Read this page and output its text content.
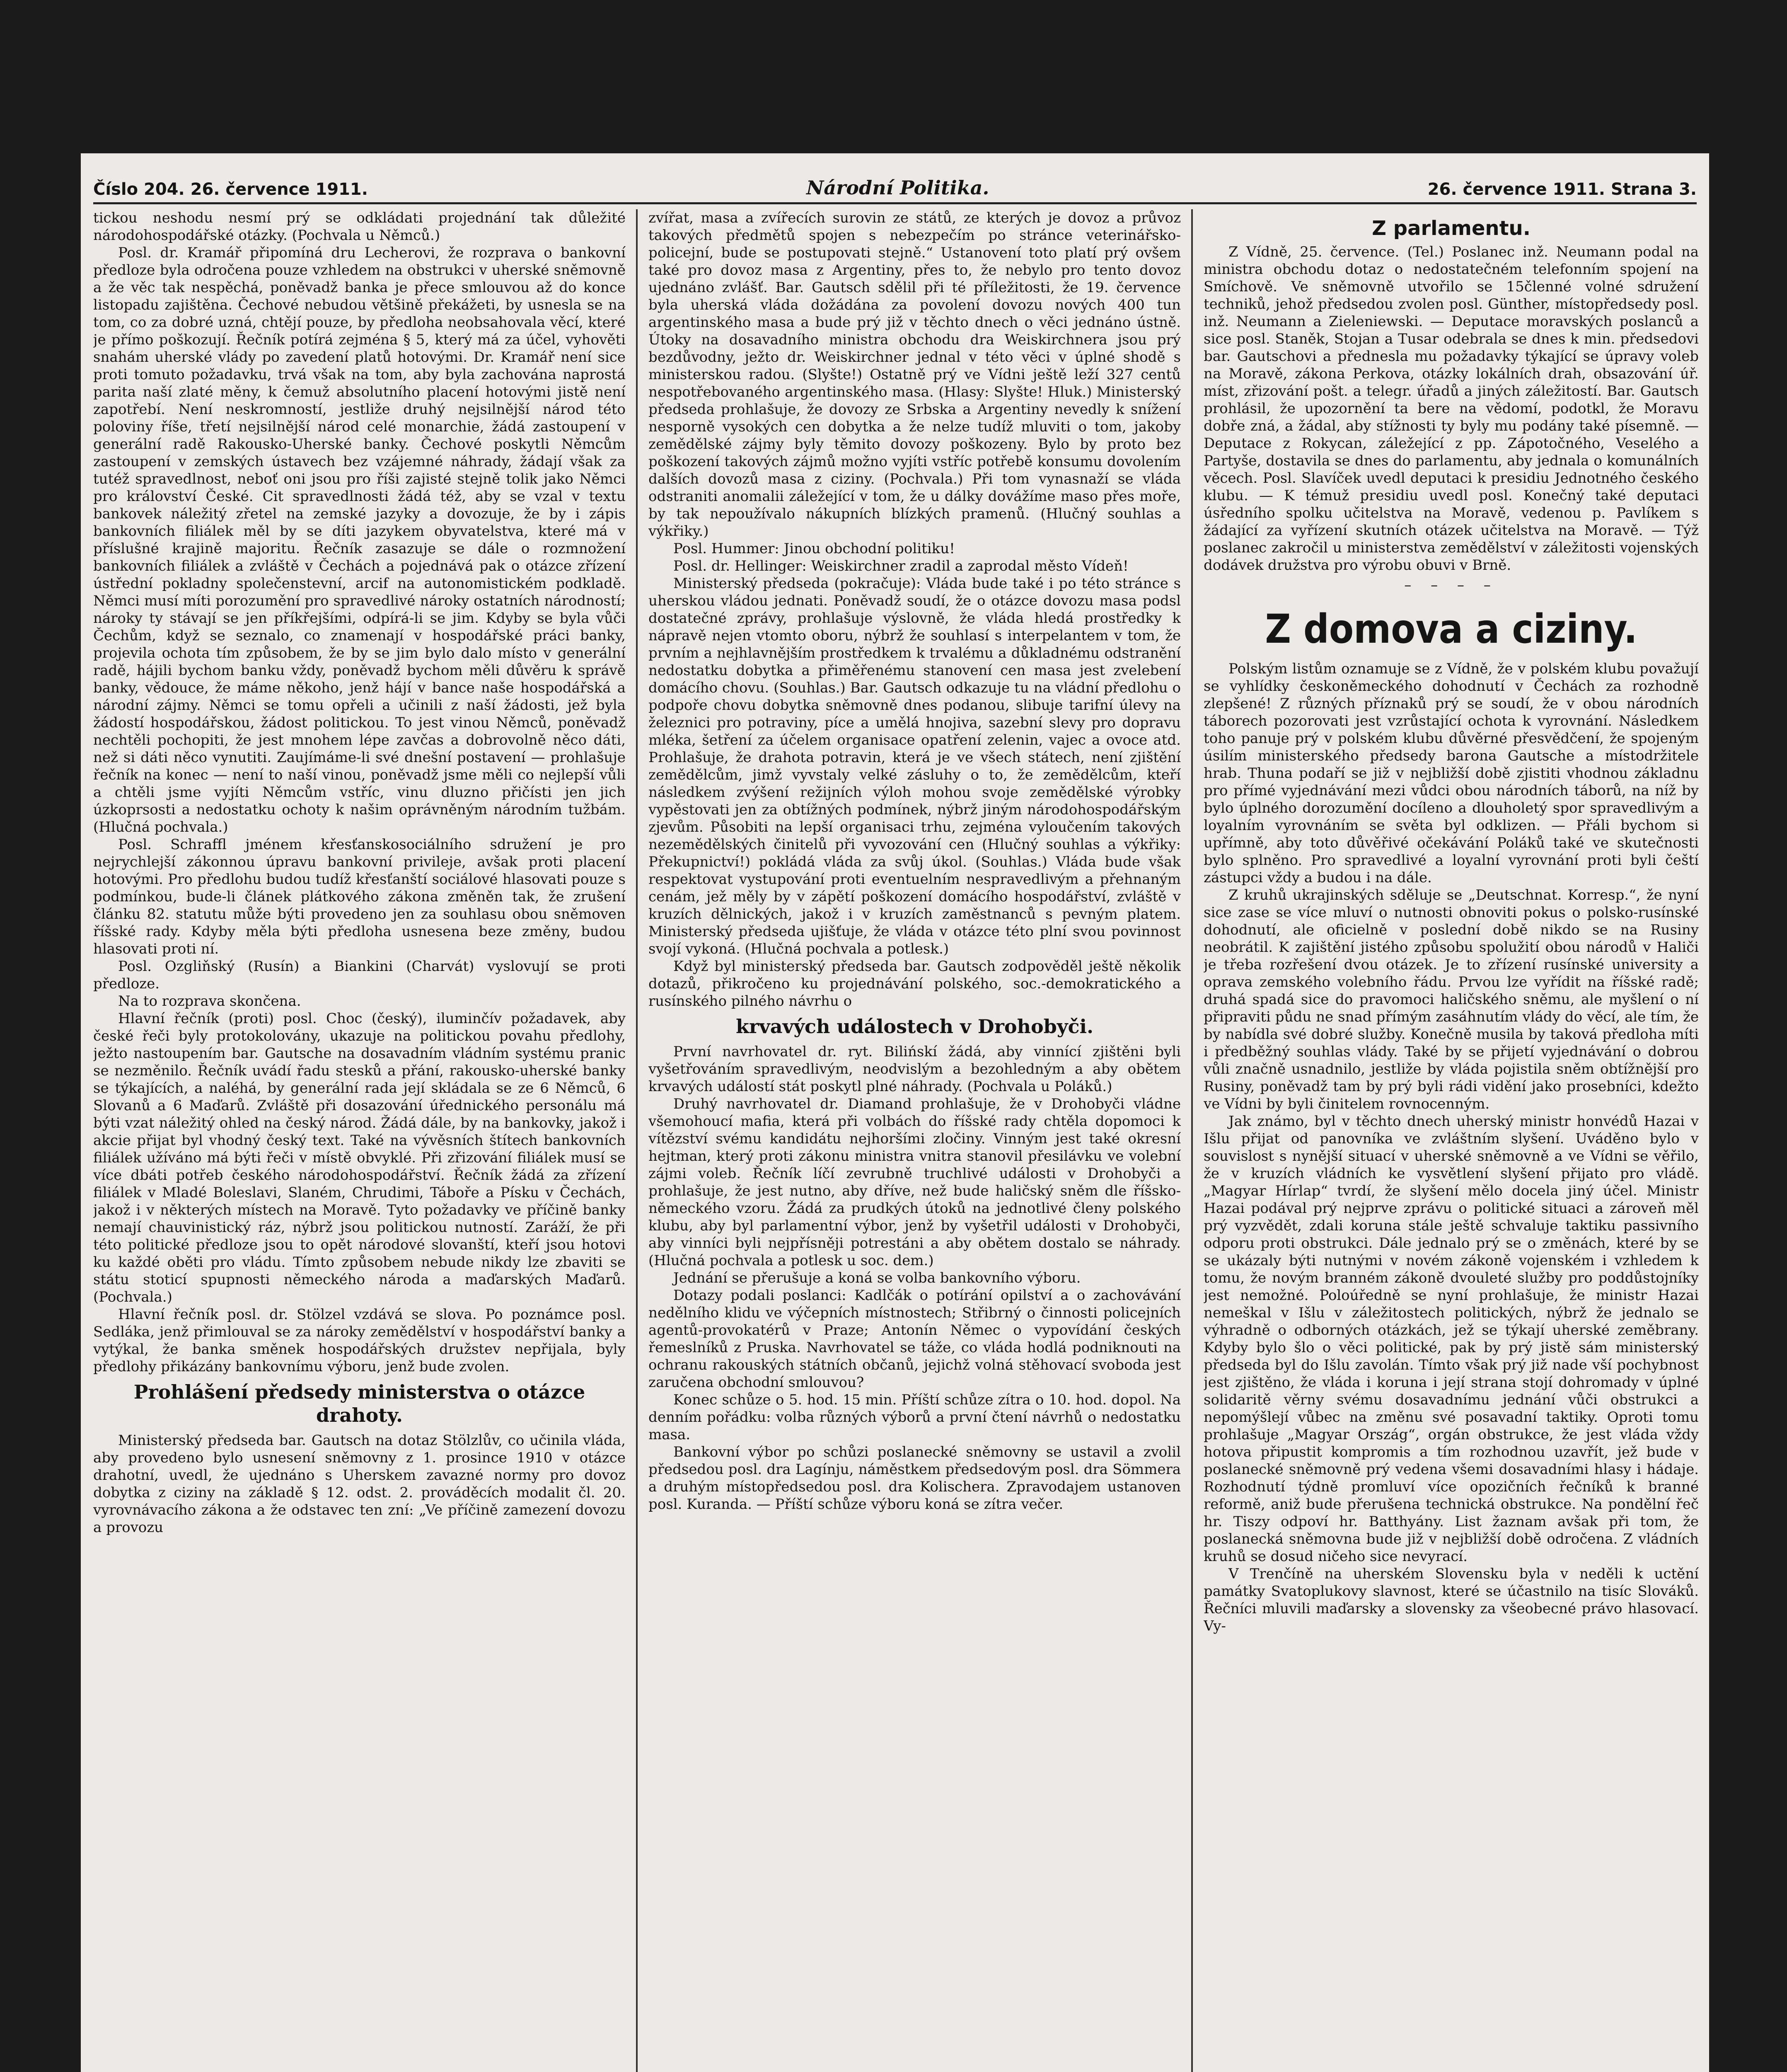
Číslo 204. 26. července 1911.	Národní Politika.	26. července 1911. Strana 3.

tickou neshodu nesmí prý se odkládati projednání tak důležité národohospodářské otázky. (Pochvala u Němců.)

Posl. dr. Kramář připomíná dru Lecherovi, že rozprava o bankovní předloze byla odročena pouze vzhledem na obstrukci v uherské sněmovně a že věc tak nespěchá, poněvadž banka je přece smlouvou až do konce listopadu zajištěna. Čechové nebudou většině překážeti, by usnesla se na tom, co za dobré uzná, chtějí pouze, by předloha neobsahovala věcí, které je přímo poškozují. Řečník potírá zejména § 5, který má za účel, vyhověti snahám uherské vlády po zavedení platů hotovými. Dr. Kramář není sice proti tomuto požadavku, trvá však na tom, aby byla zachována naprostá parita naší zlaté měny, k čemuž absolutního placení hotovými jistě není zapotřebí. Není neskromností, jestliže druhý nejsilnější národ této poloviny říše, třetí nejsilnější národ celé monarchie, žádá zastoupení v generální radě Rakousko-Uherské banky. Čechové poskytli Němcům zastoupení v zemských ústavech bez vzájemné náhrady, žádají však za tutéž spravedlnost, neboť oni jsou pro říši zajisté stejně tolik jako Němci pro království České. Cit spravedlnosti žádá též, aby se vzal v textu bankovek náležitý zřetel na zemské jazyky a dovozuje, že by i zápis bankovních filiálek měl by se díti jazykem obyvatelstva, které má v příslušné krajině majoritu. Řečník zasazuje se dále o rozmnožení bankovních filiálek a zvláště v Čechách a pojednává pak o otázce zřízení ústřední pokladny společenstevní, arcif na autonomistickém podkladě. Němci musí míti porozumění pro spravedlivé nároky ostatních národností; nároky ty stávají se jen příkřejšími, odpírá-li se jim. Kdyby se byla vůči Čechům, když se seznalo, co znamenají v hospodářské práci banky, projevila ochota tím způsobem, že by se jim bylo dalo místo v generální radě, hájili bychom banku vždy, poněvadž bychom měli důvěru k správě banky, vědouce, že máme někoho, jenž hájí v bance naše hospodářská a národní zájmy. Němci se tomu opřeli a učinili z naší žádosti, jež byla žádostí hospodářskou, žádost politickou. To jest vinou Němců, poněvadž nechtěli pochopiti, že jest mnohem lépe zavčas a dobrovolně něco dáti, než si dáti něco vynutiti. Zaujímáme-li své dnešní postavení — prohlašuje řečník na konec — není to naší vinou, poněvadž jsme měli co nejlepší vůli a chtěli jsme vyjíti Němcům vstříc, vinu dluzno přičísti jen jich úzkoprsosti a nedostatku ochoty k našim oprávněným národním tužbám. (Hlučná pochvala.)

Posl. Schraffl jménem křesťanskosociálního sdružení je pro nejrychlejší zákonnou úpravu bankovní privileje, avšak proti placení hotovými. Pro předlohu budou tudíž křesťanští sociálové hlasovati pouze s podmínkou, bude-li článek plátkového zákona změněn tak, že zrušení článku 82. statutu může býti provedeno jen za souhlasu obou sněmoven říšské rady. Kdyby měla býti předloha usnesena beze změny, budou hlasovati proti ní.

Posl. Ozgliňský (Rusín) a Biankini (Charvát) vyslovují se proti předloze.

Na to rozprava skončena.

Hlavní řečník (proti) posl. Choc (český), iluminčív požadavek, aby české řeči byly protokolovány, ukazuje na politickou povahu předlohy, ježto nastoupením bar. Gautsche na dosavadním vládním systému pranic se nezměnilo. Řečník uvádí řadu stesků a přání, rakousko-uherské banky se týkajících, a naléhá, by generální rada její skládala se ze 6 Němců, 6 Slovanů a 6 Maďarů. Zvláště při dosazování úřednického personálu má býti vzat náležitý ohled na český národ. Žádá dále, by na bankovky, jakož i akcie přijat byl vhodný český text. Také na vývěsních štítech bankovních filiálek užíváno má býti řeči v místě obvyklé. Při zřizování filiálek musí se více dbáti potřeb českého národohospodářství. Řečník žádá za zřízení filiálek v Mladé Boleslavi, Slaném, Chrudimi, Táboře a Písku v Čechách, jakož i v některých místech na Moravě. Tyto požadavky ve příčině banky nemají chauvinistický ráz, nýbrž jsou politickou nutností. Zaráží, že při této politické předloze jsou to opět národové slovanští, kteří jsou hotovi ku každé oběti pro vládu. Tímto způsobem nebude nikdy lze zbaviti se státu stoticí spupnosti německého národa a maďarských Maďarů. (Pochvala.)

Hlavní řečník posl. dr. Stölzel vzdává se slova. Po poznámce posl. Sedláka, jenž přimlouval se za nároky zemědělství v hospodářství banky a vytýkal, že banka směnek hospodářských družstev nepřijala, byly předlohy přikázány bankovnímu výboru, jenž bude zvolen.

Prohlášení předsedy ministerstva o otázce drahoty.

Ministerský předseda bar. Gautsch na dotaz Stölzlův, co učinila vláda, aby provedeno bylo usnesení sněmovny z 1. prosince 1910 v otázce drahotní, uvedl, že ujednáno s Uherskem zavazné normy pro dovoz dobytka z ciziny na základě § 12. odst. 2. prováděcích modalit čl. 20. vyrovnávacího zákona a že odstavec ten zní: „Ve příčině zamezení dovozu a provozu

zvířat, masa a zvířecích surovin ze států, ze kterých je dovoz a průvoz takových předmětů spojen s nebezpečím po stránce veterinářsko-policejní, bude se postupovati stejně.“ Ustanovení toto platí prý ovšem také pro dovoz masa z Argentiny, přes to, že nebylo pro tento dovoz ujednáno zvlášť. Bar. Gautsch sdělil při té příležitosti, že 19. července byla uherská vláda dožádána za povolení dovozu nových 400 tun argentinského masa a bude prý již v těchto dnech o věci jednáno ústně. Útoky na dosavadního ministra obchodu dra Weiskirchnera jsou prý bezdůvodny, ježto dr. Weiskirchner jednal v této věci v úplné shodě s ministerskou radou. (Slyšte!) Ostatně prý ve Vídni ještě leží 327 centů nespotřebovaného argentinského masa. (Hlasy: Slyšte! Hluk.) Ministerský předseda prohlašuje, že dovozy ze Srbska a Argentiny nevedly k snížení nesporně vysokých cen dobytka a že nelze tudíž mluviti o tom, jakoby zemědělské zájmy byly těmito dovozy poškozeny. Bylo by proto bez poškození takových zájmů možno vyjíti vstříc potřebě konsumu dovolením dalších dovozů masa z ciziny. (Pochvala.) Při tom vynasnaží se vláda odstraniti anomalii záležející v tom, že u dálky dovážíme maso přes moře, by tak nepoužívalo nákupních blízkých pramenů. (Hlučný souhlas a výkřiky.)

Posl. Hummer: Jinou obchodní politiku!

Posl. dr. Hellinger: Weiskirchner zradil a zaprodal město Vídeň!

Ministerský předseda (pokračuje): Vláda bude také i po této stránce s uherskou vládou jednati. Poněvadž soudí, že o otázce dovozu masa podsl dostatečné zprávy, prohlašuje výslovně, že vláda hledá prostředky k nápravě nejen vtomto oboru, nýbrž že souhlasí s interpelantem v tom, že prvním a nejhlavnějším prostředkem k trvalému a důkladnému odstranění nedostatku dobytka a přiměřenému stanovení cen masa jest zvelebení domácího chovu. (Souhlas.) Bar. Gautsch odkazuje tu na vládní předlohu o podpoře chovu dobytka sněmovně dnes podanou, slibuje tarifní úlevy na železnici pro potraviny, píce a umělá hnojiva, sazební slevy pro dopravu mléka, šetření za účelem organisace opatření zelenin, vajec a ovoce atd. Prohlašuje, že drahota potravin, která je ve všech státech, není zjištění zemědělcům, jimž vyvstaly velké zásluhy o to, že zemědělcům, kteří následkem zvýšení režijních výloh mohou svoje zemědělské výrobky vypěstovati jen za obtížných podmínek, nýbrž jiným národohospodářským zjevům. Působiti na lepší organisaci trhu, zejména vyloučením takových nezemědělských činitelů při vyvozování cen (Hlučný souhlas a výkřiky: Překupnictví!) pokládá vláda za svůj úkol. (Souhlas.) Vláda bude však respektovat vystupování proti eventuelním nespravedlivým a přehnaným cenám, jež měly by v zápětí poškození domácího hospodářství, zvláště v kruzích dělnických, jakož i v kruzích zaměstnanců s pevným platem. Ministerský předseda ujišťuje, že vláda v otázce této plní svou povinnost svojí vykoná. (Hlučná pochvala a potlesk.)

Když byl ministerský předseda bar. Gautsch zodpověděl ještě několik dotazů, přikročeno ku projednávání polského, soc.-demokratického a rusínského pilného návrhu o

krvavých událostech v Drohobyči.

První navrhovatel dr. ryt. Bilińskí žádá, aby vinnící zjištěni byli vyšetřováním spravedlivým, neodvislým a bezohledným a aby obětem krvavých událostí stát poskytl plné náhrady. (Pochvala u Poláků.)

Druhý navrhovatel dr. Diamand prohlašuje, že v Drohobyči vládne všemohoucí mafia, která při volbách do říšské rady chtěla dopomoci k vítězství svému kandidátu nejhoršími zločiny. Vinným jest také okresní hejtman, který proti zákonu ministra vnitra stanovil přesilávku ve volební zájmi voleb. Řečník líčí zevrubně truchlivé události v Drohobyči a prohlašuje, že jest nutno, aby dříve, než bude haličský sněm dle říšsko-německého vzoru. Žádá za prudkých útoků na jednotlivé členy polského klubu, aby byl parlamentní výbor, jenž by vyšetřil události v Drohobyči, aby vinníci byli nejpřísněji potrestáni a aby obětem dostalo se náhrady. (Hlučná pochvala a potlesk u soc. dem.)

Jednání se přerušuje a koná se volba bankovního výboru.

Dotazy podali poslanci: Kadlčák o potírání opilství a o zachovávání nedělního klidu ve výčepních místnostech; Střibrný o činnosti policejních agentů-provokatérů v Praze; Antonín Němec o vypovídání českých řemeslníků z Pruska. Navrhovatel se táže, co vláda hodlá podniknouti na ochranu rakouských státních občanů, jejichž volná stěhovací svoboda jest zaručena obchodní smlouvou?

Konec schůze o 5. hod. 15 min. Příští schůze zítra o 10. hod. dopol. Na denním pořádku: volba různých výborů a první čtení návrhů o nedostatku masa.

Bankovní výbor po schůzi poslanecké sněmovny se ustavil a zvolil předsedou posl. dra Lagínju, náměstkem předsedovým posl. dra Sömmera a druhým místopředsedou posl. dra Kolischera. Zpravodajem ustanoven posl. Kuranda. — Příští schůze výboru koná se zítra večer.

Z parlamentu.

Z Vídně, 25. července. (Tel.) Poslanec inž. Neumann podal na ministra obchodu dotaz o nedostatečném telefonním spojení na Smíchově. Ve sněmovně utvořilo se 15členné volné sdružení techniků, jehož předsedou zvolen posl. Günther, místopředsedy posl. inž. Neumann a Zieleniewski. — Deputace moravských poslanců a sice posl. Staněk, Stojan a Tusar odebrala se dnes k min. předsedovi bar. Gautschovi a přednesla mu požadavky týkající se úpravy voleb na Moravě, zákona Perkova, otázky lokálních drah, obsazování úř. míst, zřizování pošt. a telegr. úřadů a jiných záležitostí. Bar. Gautsch prohlásil, že upozornění ta bere na vědomí, podotkl, že Moravu dobře zná, a žádal, aby stížnosti ty byly mu podány také písemně. — Deputace z Rokycan, záležející z pp. Zápotočného, Veselého a Partyše, dostavila se dnes do parlamentu, aby jednala o komunálních věcech. Posl. Slavíček uvedl deputaci k presidiu Jednotného českého klubu. — K témuž presidiu uvedl posl. Konečný také deputaci úsředního spolku učitelstva na Moravě, vedenou p. Pavlíkem s žádající za vyřízení skutních otázek učitelstva na Moravě. — Týž poslanec zakročil u ministerstva zemědělství v záležitosti vojenských dodávek družstva pro výrobu obuvi v Brně.

– – – –
Z domova a ciziny.

Polským listům oznamuje se z Vídně, že v polském klubu považují se vyhlídky českoněmeckého dohodnutí v Čechách za rozhodně zlepšené! Z různých příznaků prý se soudí, že v obou národních táborech pozorovati jest vzrůstající ochota k vyrovnání. Následkem toho panuje prý v polském klubu důvěrné přesvědčení, že spojeným úsilím ministerského předsedy barona Gautsche a místodržitele hrab. Thuna podaří se již v nejbližší době zjistiti vhodnou základnu pro přímé vyjednávání mezi vůdci obou národních táborů, na níž by bylo úplného dorozumění docíleno a dlouholetý spor spravedlivým a loyalním vyrovnáním se světa byl odklizen. — Přáli bychom si upřímně, aby toto důvěřivé očekávání Poláků také ve skutečnosti bylo splněno. Pro spravedlivé a loyalní vyrovnání proti byli čeští zástupci vždy a budou i na dále.

Z kruhů ukrajinských sděluje se „Deutschnat. Korresp.“, že nyní sice zase se více mluví o nutnosti obnoviti pokus o polsko-rusínské dohodnutí, ale oficielně v poslední době nikdo se na Rusiny neobrátil. K zajištění jistého způsobu spolužití obou národů v Haliči je třeba rozřešení dvou otázek. Je to zřízení rusínské university a oprava zemského volebního řádu. Prvou lze vyřídit na říšské radě; druhá spadá sice do pravomoci haličského sněmu, ale myšlení o ní připraviti půdu ne snad přímým zasáhnutím vlády do věcí, ale tím, že by nabídla své dobré služby. Konečně musila by taková předloha míti i předběžný souhlas vlády. Také by se přijetí vyjednávání o dobrou vůli značně usnadnilo, jestliže by vláda pojistila sněm obtížnější pro Rusiny, poněvadž tam by prý byli rádi vidění jako prosebníci, kdežto ve Vídni by byli činitelem rovnocenným.

Jak známo, byl v těchto dnech uherský ministr honvédů Hazai v Išlu přijat od panovníka ve zvláštním slyšení. Uváděno bylo v souvislost s nynější situací v uherské sněmovně a ve Vídni se věřilo, že v kruzích vládních ke vysvětlení slyšení přijato pro vládě. „Magyar Hírlap“ tvrdí, že slyšení mělo docela jiný účel. Ministr Hazai podával prý nejprve zprávu o politické situaci a zároveň měl prý vyzvědět, zdali koruna stále ještě schvaluje taktiku passivního odporu proti obstrukci. Dále jednalo prý se o změnách, které by se se ukázaly býti nutnými v novém zákoně vojenském i vzhledem k tomu, že novým branném zákoně dvouleté služby pro poddůstojníky jest nemožné. Poloúředně se nyní prohlašuje, že ministr Hazai nemeškal v Išlu v záležitostech politických, nýbrž že jednalo se výhradně o odborných otázkách, jež se týkají uherské zeměbrany. Kdyby bylo šlo o věci politické, pak by prý jistě sám ministerský předseda byl do Išlu zavolán. Tímto však prý již nade vší pochybnost jest zjištěno, že vláda i koruna i její strana stojí dohromady v úplné solidaritě věrny svému dosavadnímu jednání vůči obstrukci a nepomýšlejí vůbec na změnu své posavadní taktiky. Oproti tomu prohlašuje „Magyar Ország“, orgán obstrukce, že jest vláda vždy hotova připustit kompromis a tím rozhodnou uzavřít, jež bude v poslanecké sněmovně prý vedena všemi dosavadními hlasy i hádaje. Rozhodnutí týdně promluví více opozičních řečníků k branné reformě, aniž bude přerušena technická obstrukce. Na pondělní řeč hr. Tiszy odpoví hr. Batthyány. List žaznam avšak při tom, že poslanecká sněmovna bude již v nejbližší době odročena. Z vládních kruhů se dosud ničeho sice nevyrací.

V Trenčíně na uherském Slovensku byla v neděli k uctění památky Svatoplukovy slavnost, které se účastnilo na tisíc Slováků. Řečníci mluvili maďarsky a slovensky za všeobecné právo hlasovací. Vy-
